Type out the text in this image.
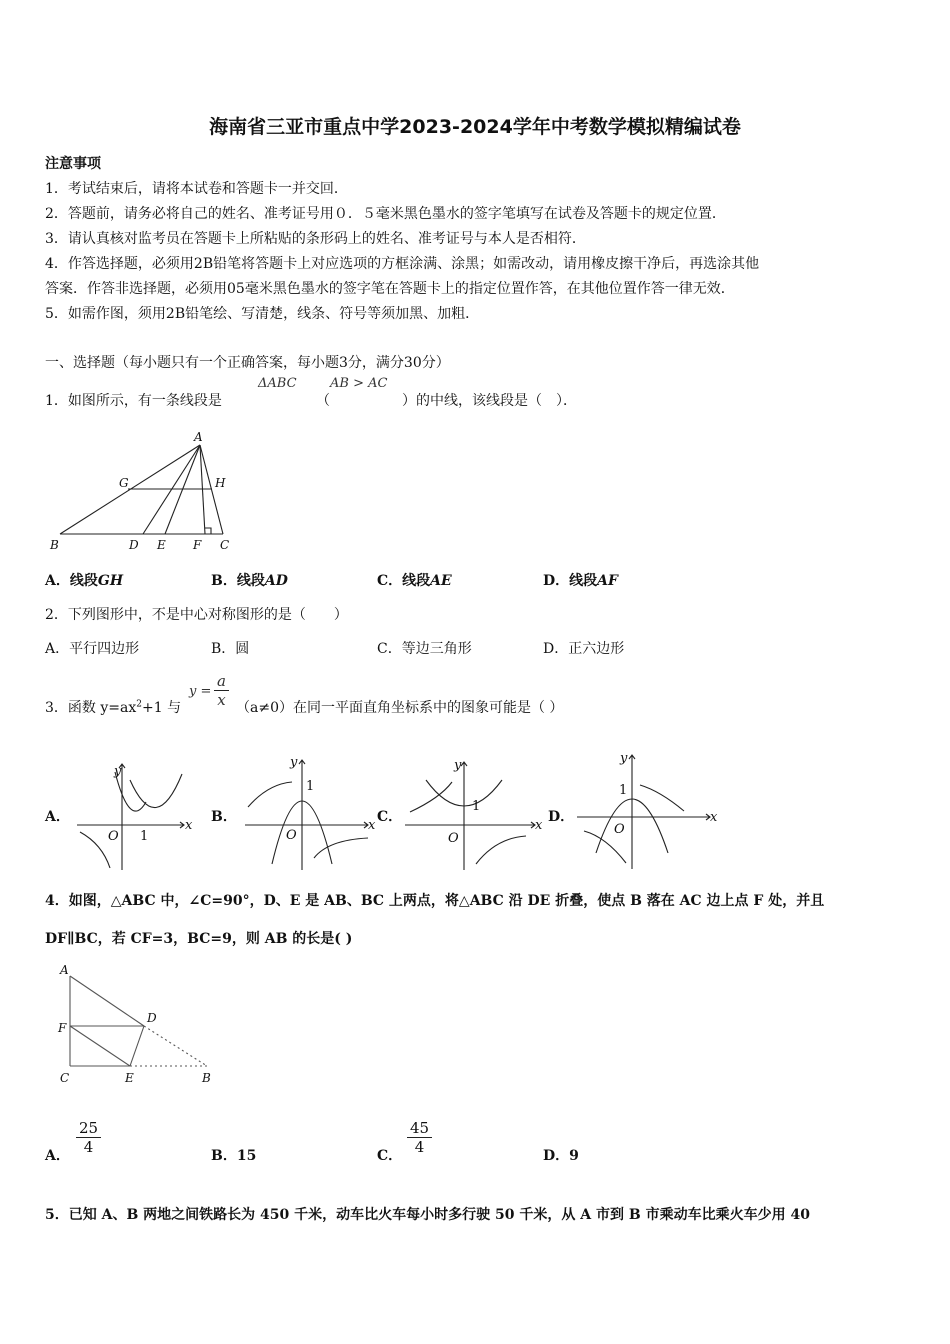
海南省三亚市重点中学2023-2024学年中考数学模拟精编试卷
注意事项
1．考试结束后，请将本试卷和答题卡一并交回．
2．答题前，请务必将自己的姓名、准考证号用０．５毫米黑色墨水的签字笔填写在试卷及答题卡的规定位置．
3．请认真核对监考员在答题卡上所粘贴的条形码上的姓名、准考证号与本人是否相符．
4．作答选择题，必须用2B铅笔将答题卡上对应选项的方框涂满、涂黑；如需改动，请用橡皮擦干净后，再选涂其他
答案．作答非选择题，必须用05毫米黑色墨水的签字笔在答题卡上的指定位置作答，在其他位置作答一律无效．
5．如需作图，须用2B铅笔绘、写清楚，线条、符号等须加黑、加粗．
一、选择题（每小题只有一个正确答案，每小题3分，满分30分）
1．如图所示，有一条线段是
ΔABC
（
AB > AC
）的中线，该线段是（　）．
A
G	H
B	D E F C
A．线段GH	B．线段AD	C．线段AE	D．线段AF
2．下列图形中，不是中心对称图形的是（　　）
A．平行四边形	B．圆	C．等边三角形	D．正六边形
3．函数 $y=ax^2+1$ 与
$y = \frac{a}{x} (a\ne 0)$在同一平面直角坐标系中的图象可能是（ ）
A．	B．	C．	D．
y
x
O 1
y
x
O
1
y
x
O
1
y
x
O
1
4．如图，△ABC 中，∠C=90°，D、E 是 AB、BC 上两点，将△ABC 沿 DE 折叠，使点 B 落在 AC 边上点 F 处，并且
DF∥BC，若 CF=3，BC=9，则 AB 的长是( )
A
F
D
C	E	B
A． $\frac{25}{4}$	B．15	C． $\frac{45}{4}$	D．9
5．已知 A、B 两地之间铁路长为 450 千米，动车比火车每小时多行驶 50 千米，从 A 市到 B 市乘动车比乘火车少用 40
